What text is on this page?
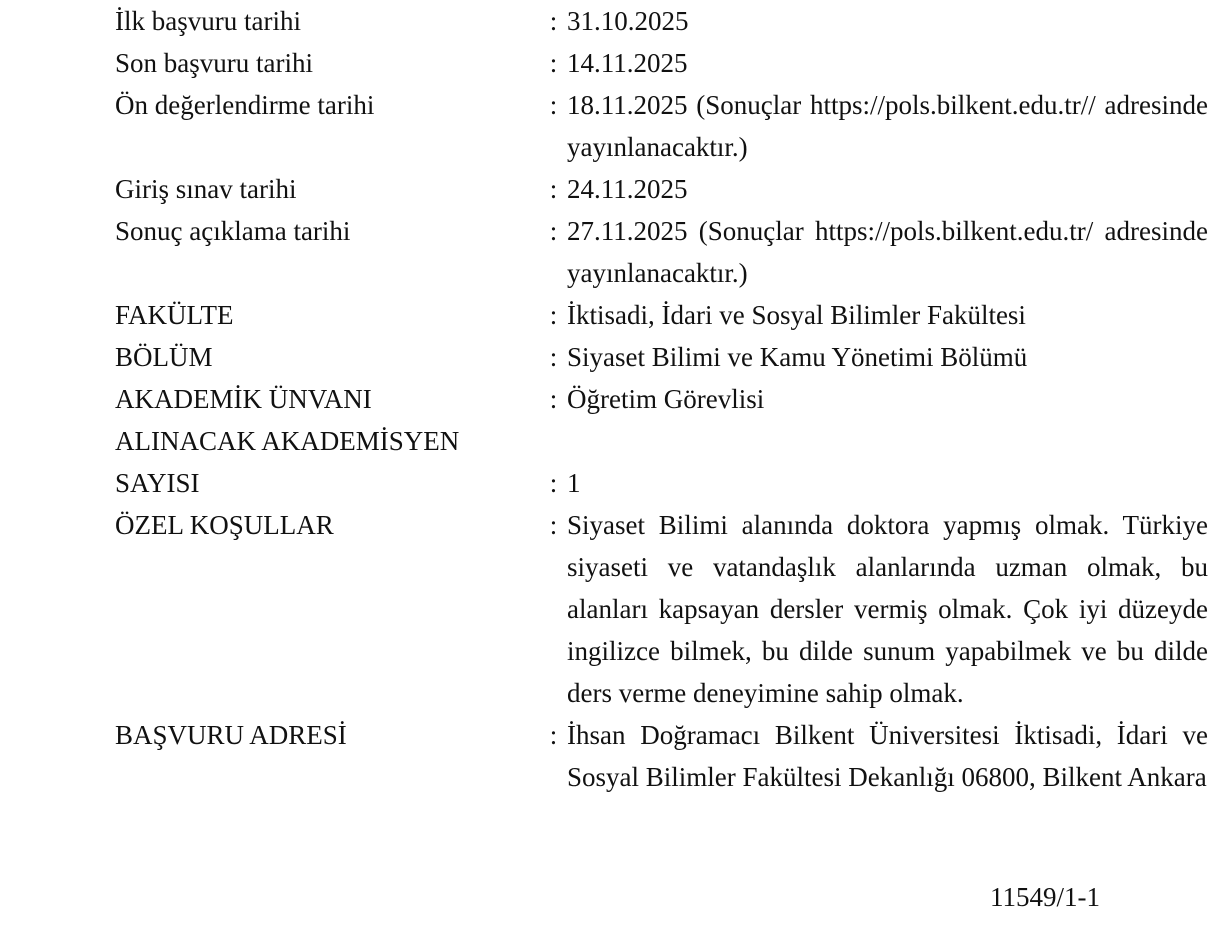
İlk başvuru tarihi	: 31.10.2025
Son başvuru tarihi	: 14.11.2025
Ön değerlendirme tarihi	: 18.11.2025 (Sonuçlar https://pols.bilkent.edu.tr// adresinde yayınlanacaktır.)
Giriş sınav tarihi	: 24.11.2025
Sonuç açıklama tarihi	: 27.11.2025 (Sonuçlar https://pols.bilkent.edu.tr/ adresinde yayınlanacaktır.)
FAKÜLTE	: İktisadi, İdari ve Sosyal Bilimler Fakültesi
BÖLÜM	: Siyaset Bilimi ve Kamu Yönetimi Bölümü
AKADEMİK ÜNVANI	: Öğretim Görevlisi
ALINACAK AKADEMİSYEN
SAYISI	: 1
ÖZEL KOŞULLAR	: Siyaset Bilimi alanında doktora yapmış olmak. Türkiye siyaseti ve vatandaşlık alanlarında uzman olmak, bu alanları kapsayan dersler vermiş olmak. Çok iyi düzeyde ingilizce bilmek, bu dilde sunum yapabilmek ve bu dilde ders verme deneyimine sahip olmak.
BAŞVURU ADRESİ	: İhsan Doğramacı Bilkent Üniversitesi İktisadi, İdari ve Sosyal Bilimler Fakültesi Dekanlığı 06800, Bilkent Ankara
11549/1-1
